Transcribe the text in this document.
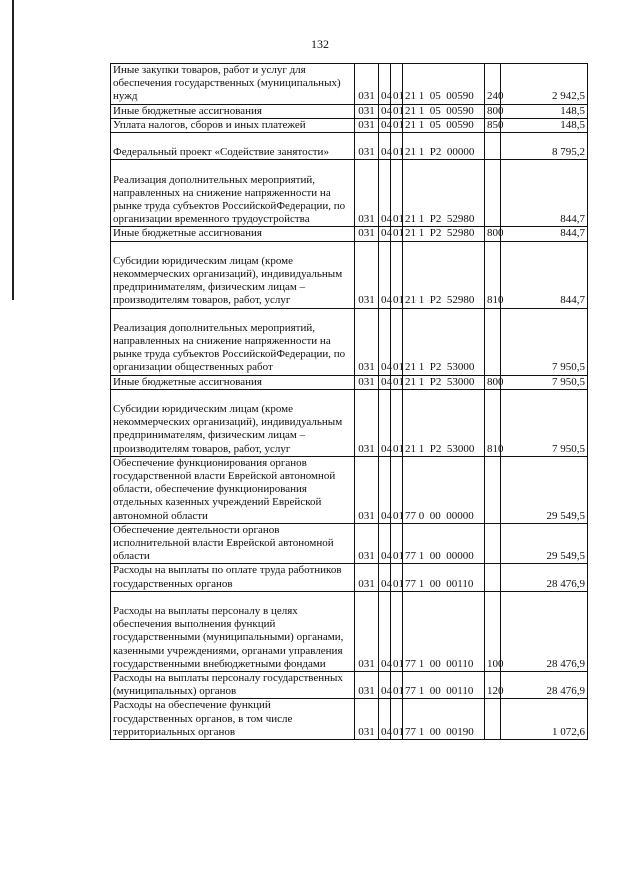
132
Иные закупки товаров, работ и услуг для обеспечения государственных (муниципальных) нужд	031	04	01	21 1  05  00590	240	2 942,5
Иные бюджетные ассигнования	031	04	01	21 1  05  00590	800	148,5
Уплата налогов, сборов и иных платежей	031	04	01	21 1  05  00590	850	148,5
Федеральный проект «Содействие занятости»	031	04	01	21 1  P2  00000		8 795,2
Реализация дополнительных мероприятий, направленных на снижение напряженности на рынке труда субъектов РоссийскойФедерации, по организации временного трудоустройства	031	04	01	21 1  P2  52980		844,7
Иные бюджетные ассигнования	031	04	01	21 1  P2  52980	800	844,7
Субсидии юридическим лицам (кроме некоммерческих организаций), индивидуальным предпринимателям, физическим лицам – производителям товаров, работ, услуг	031	04	01	21 1  P2  52980	810	844,7
Реализация дополнительных мероприятий, направленных на снижение напряженности на рынке труда субъектов РоссийскойФедерации, по организации общественных работ	031	04	01	21 1  P2  53000		7 950,5
Иные бюджетные ассигнования	031	04	01	21 1  P2  53000	800	7 950,5
Субсидии юридическим лицам (кроме некоммерческих организаций), индивидуальным предпринимателям, физическим лицам – производителям товаров, работ, услуг	031	04	01	21 1  P2  53000	810	7 950,5
Обеспечение функционирования органов государственной власти Еврейской автономной области, обеспечение функционирования отдельных казенных учреждений Еврейской автономной области	031	04	01	77 0  00  00000		29 549,5
Обеспечение деятельности органов исполнительной власти Еврейской автономной области	031	04	01	77 1  00  00000		29 549,5
Расходы на выплаты по оплате труда работников государственных органов	031	04	01	77 1  00  00110		28 476,9
Расходы на выплаты персоналу в целях обеспечения выполнения функций государственными (муниципальными) органами, казенными учреждениями, органами управления государственными внебюджетными фондами	031	04	01	77 1  00  00110	100	28 476,9
Расходы на выплаты персоналу государственных (муниципальных) органов	031	04	01	77 1  00  00110	120	28 476,9
Расходы на обеспечение функций государственных органов, в том числе территориальных органов	031	04	01	77 1  00  00190		1 072,6
